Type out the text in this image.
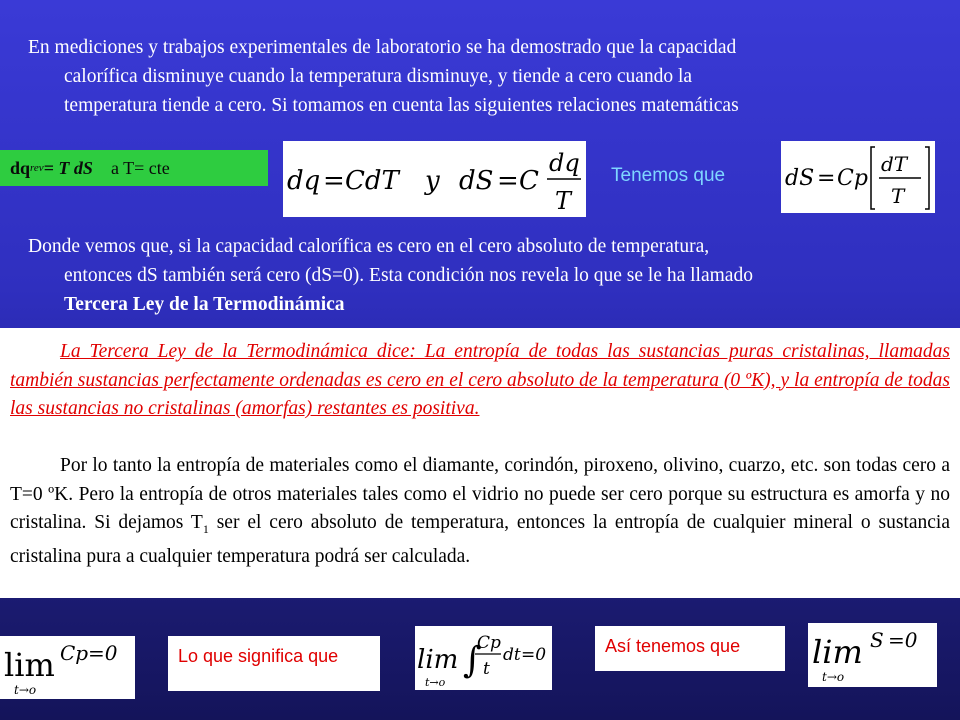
En mediciones y trabajos experimentales de laboratorio se ha demostrado que la capacidad
calorífica disminuye cuando la temperatura disminuye, y tiende a cero cuando la
temperatura tiende a cero. Si tomamos en cuenta las siguientes relaciones matemáticas
dq rev = T dS a T= cte	dq = CdT y dS = C
dq
T
Tenemos que	dS = Cp
dT
T
Donde vemos que, si la capacidad calorífica es cero en el cero absoluto de temperatura,
entonces dS también será cero (dS=0). Esta condición nos revela lo que se le ha llamado
Tercera Ley de la Termodinámica
La Tercera Ley de la Termodinámica dice: La entropía de todas las sustancias puras cristalinas, llamadas también sustancias perfectamente ordenadas es cero en el cero absoluto de la temperatura (0 ºK), y la entropía de todas las sustancias no cristalinas (amorfas) restantes es positiva.
Por lo tanto la entropía de materiales como el diamante, corindón, piroxeno, olivino, cuarzo, etc. son todas cero a T=0 ºK. Pero la entropía de otros materiales tales como el vidrio no puede ser cero porque su estructura es amorfa y no cristalina. Si dejamos $T_1$ ser el cero absoluto de temperatura, entonces la entropía de cualquier mineral o sustancia cristalina pura a cualquier temperatura podrá ser calculada.
lim Cp =0
t→o
Lo que significa que	lim ∫
Cp
t
dt =0
t→o
Así tenemos que	lim S =0
t→o
